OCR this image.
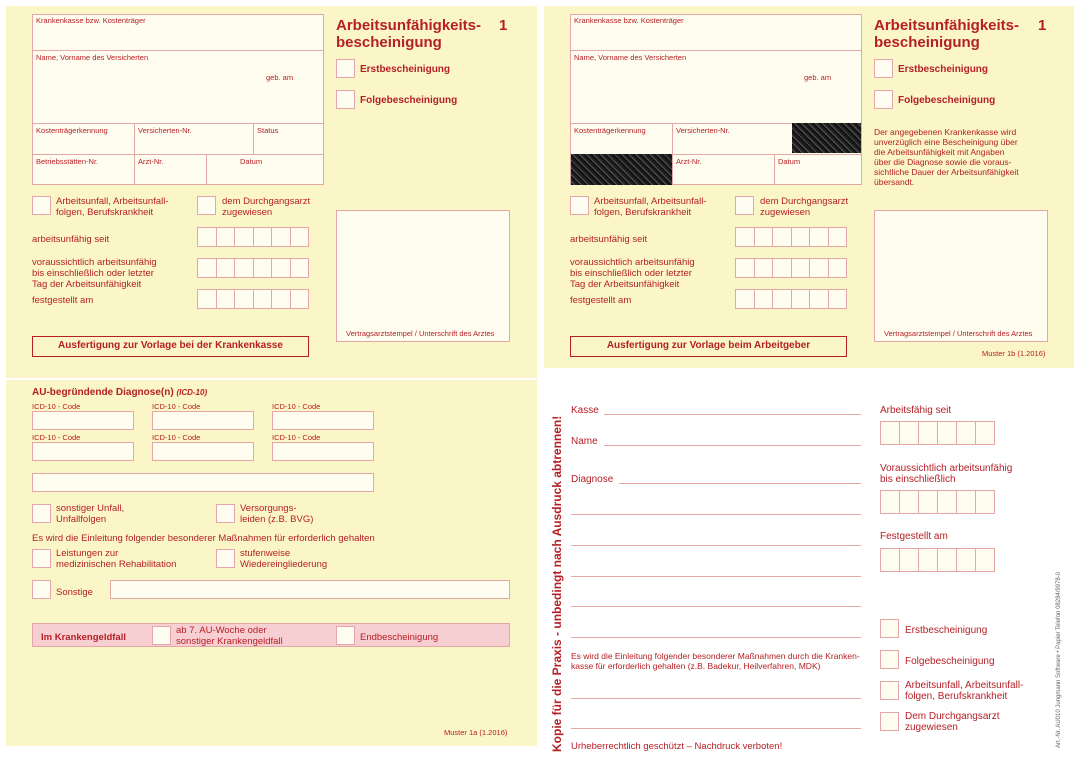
Krankenkasse bzw. Kostenträger
Name, Vorname des Versicherten
geb. am
Kostenträgerkennung	Versicherten-Nr.	Status
Betriebsstätten-Nr.	Arzt-Nr.	Datum
Arbeitsunfähigkeits-
bescheinigung
1
Erstbescheinigung
Folgebescheinigung
Arbeitsunfall, Arbeitsunfall-
folgen, Berufskrankheit
dem Durchgangsarzt
zugewiesen
arbeitsunfähig seit
voraussichtlich arbeitsunfähig
bis einschließlich oder letzter
Tag der Arbeitsunfähigkeit
festgestellt am
Vertragsarztstempel / Unterschrift des Arztes
Ausfertigung zur Vorlage bei der Krankenkasse
AU-begründende Diagnose(n) (ICD-10)
ICD-10 - Code	ICD-10 - Code	ICD-10 - Code
ICD-10 - Code	ICD-10 - Code	ICD-10 - Code
sonstiger Unfall,
Unfallfolgen
Versorgungs-
leiden (z.B. BVG)
Es wird die Einleitung folgender besonderer Maßnahmen für erforderlich gehalten
Leistungen zur
medizinischen Rehabilitation
stufenweise
Wiedereingliederung
Sonstige
Im Krankengeldfall
ab 7. AU-Woche oder
sonstiger Krankengeldfall	Endbescheinigung
Muster 1a (1.2016)
Krankenkasse bzw. Kostenträger
Name, Vorname des Versicherten
geb. am
Kostenträgerkennung	Versicherten-Nr.
Arzt-Nr.	Datum
Arbeitsunfähigkeits-
bescheinigung
1
Erstbescheinigung
Folgebescheinigung
Der angegebenen Krankenkasse wird
unverzüglich eine Bescheinigung über
die Arbeitsunfähigkeit mit Angaben
über die Diagnose sowie die voraus-
sichtliche Dauer der Arbeitsunfähigkeit
übersandt.
Arbeitsunfall, Arbeitsunfall-
folgen, Berufskrankheit
dem Durchgangsarzt
zugewiesen
arbeitsunfähig seit
voraussichtlich arbeitsunfähig
bis einschließlich oder letzter
Tag der Arbeitsunfähigkeit
festgestellt am
Vertragsarztstempel / Unterschrift des Arztes
Ausfertigung zur Vorlage beim Arbeitgeber
Muster 1b (1.2016)
Kopie für die Praxis - unbedingt nach Ausdruck abtrennen!
Kasse
Name
Diagnose
Es wird die Einleitung folgender besonderer Maßnahmen durch die Kranken-
kasse für erforderlich gehalten (z.B. Badekur, Heilverfahren, MDK)
Urheberrechtlich geschützt – Nachdruck verboten!
Arbeitsfähig seit
Voraussichtlich arbeitsunfähig
bis einschließlich
Festgestellt am
Erstbescheinigung
Folgebescheinigung
Arbeitsunfall, Arbeitsunfall-
folgen, Berufskrankheit
Dem Durchgangsarzt
zugewiesen	Art.-Nr. AU010 Jungmann Software • Papier Telefon 08284/9978-0
